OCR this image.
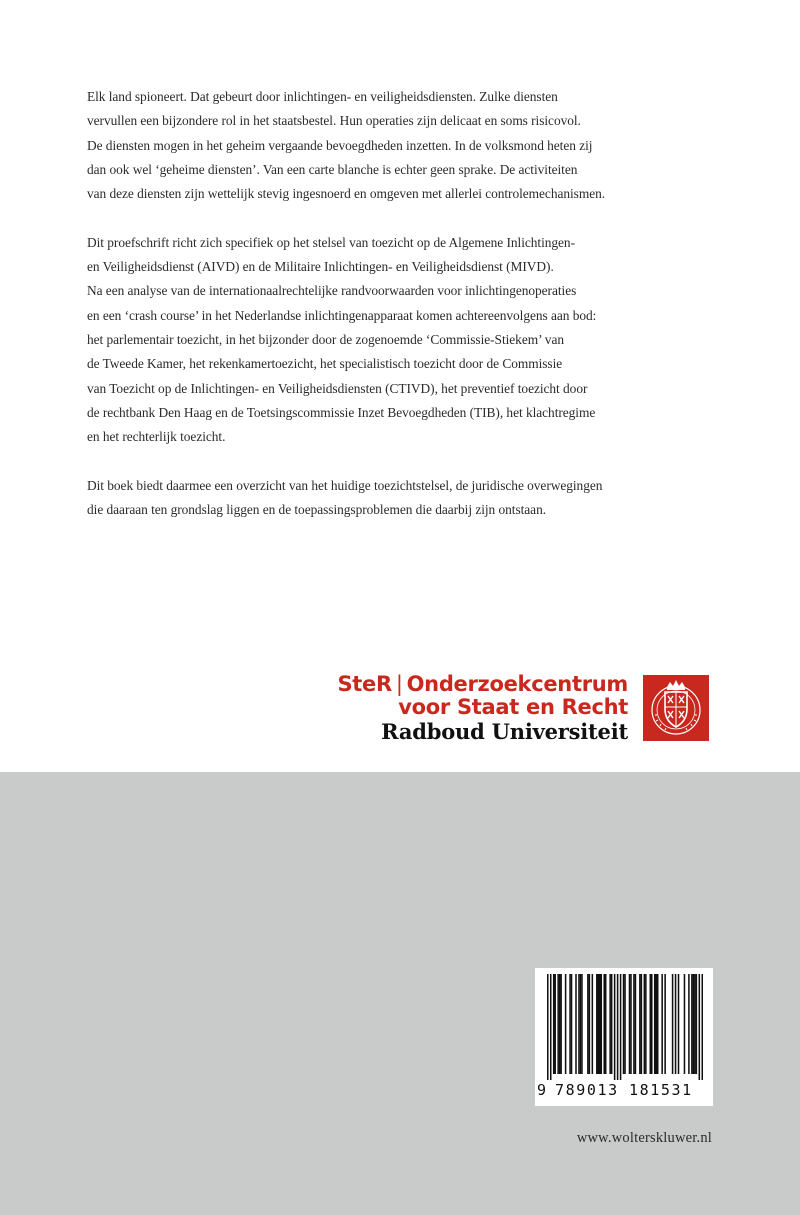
Elk land spioneert. Dat gebeurt door inlichtingen- en veiligheidsdiensten. Zulke diensten
vervullen een bijzondere rol in het staatsbestel. Hun operaties zijn delicaat en soms risicovol.
De diensten mogen in het geheim vergaande bevoegdheden inzetten. In de volksmond heten zij
dan ook wel ‘geheime diensten’. Van een carte blanche is echter geen sprake. De activiteiten
van deze diensten zijn wettelijk stevig ingesnoerd en omgeven met allerlei controlemechanismen.

Dit proefschrift richt zich specifiek op het stelsel van toezicht op de Algemene Inlichtingen-
en Veiligheidsdienst (AIVD) en de Militaire Inlichtingen- en Veiligheidsdienst (MIVD).
Na een analyse van de internationaalrechtelijke randvoorwaarden voor inlichtingenoperaties
en een ‘crash course’ in het Nederlandse inlichtingenapparaat komen achtereenvolgens aan bod:
het parlementair toezicht, in het bijzonder door de zogenoemde ‘Commissie-Stiekem’ van
de Tweede Kamer, het rekenkamertoezicht, het specialistisch toezicht door de Commissie
van Toezicht op de Inlichtingen- en Veiligheidsdiensten (CTIVD), het preventief toezicht door
de rechtbank Den Haag en de Toetsingscommissie Inzet Bevoegdheden (TIB), het klachtregime
en het rechterlijk toezicht.

Dit boek biedt daarmee een overzicht van het huidige toezichtstelsel, de juridische overwegingen
die daaraan ten grondslag liggen en de toepassingsproblemen die daarbij zijn ontstaan.

SteR | Onderzoekcentrum
voor Staat en Recht
Radboud Universiteit
9 789013 181531
www.wolterskluwer.nl
